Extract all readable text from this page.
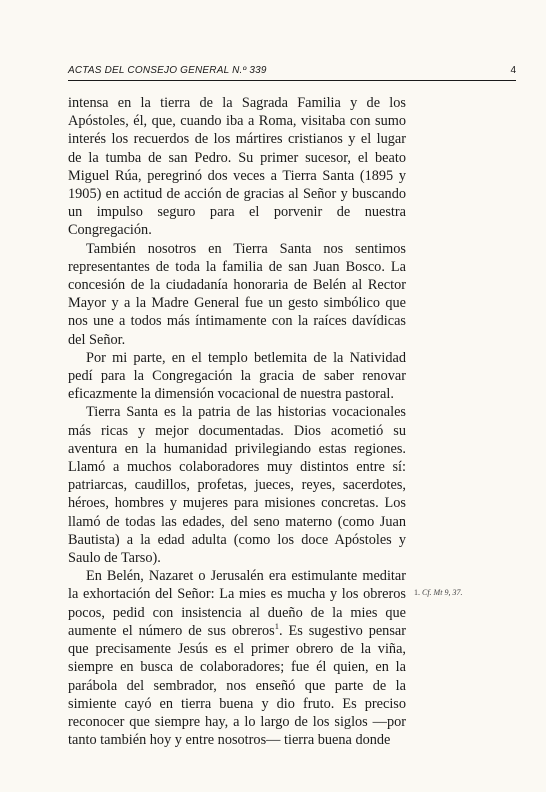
ACTAS DEL CONSEJO GENERAL N.º 339	4

intensa en la tierra de la Sagrada Familia y de los Apóstoles, él, que, cuando iba a Roma, visitaba con sumo interés los recuerdos de los mártires cristianos y el lugar de la tumba de san Pedro. Su primer sucesor, el beato Miguel Rúa, peregrinó dos veces a Tierra Santa (1895 y 1905) en actitud de acción de gracias al Señor y buscando un impulso seguro para el porvenir de nuestra Congregación.

También nosotros en Tierra Santa nos sentimos representantes de toda la familia de san Juan Bosco. La concesión de la ciudadanía honoraria de Belén al Rector Mayor y a la Madre General fue un gesto simbólico que nos une a todos más íntimamente con la raíces davídicas del Señor.

Por mi parte, en el templo betlemita de la Natividad pedí para la Congregación la gracia de saber renovar eficazmente la dimensión vocacional de nuestra pastoral.

Tierra Santa es la patria de las historias vocacionales más ricas y mejor documentadas. Dios acometió su aventura en la humanidad privilegiando estas regiones. Llamó a muchos colaboradores muy distintos entre sí: patriarcas, caudillos, profetas, jueces, reyes, sacerdotes, héroes, hombres y mujeres para misiones concretas. Los llamó de todas las edades, del seno materno (como Juan Bautista) a la edad adulta (como los doce Apóstoles y Saulo de Tarso).

En Belén, Nazaret o Jerusalén era estimulante meditar la exhortación del Señor: La mies es mucha y los obreros pocos, pedid con insistencia al dueño de la mies que aumente el número de sus obreros$^1$. Es sugestivo pensar que precisamente Jesús es el primer obrero de la viña, siempre en busca de colaboradores; fue él quien, en la parábola del sembrador, nos enseñó que parte de la simiente cayó en tierra buena y dio fruto. Es preciso reconocer que siempre hay, a lo largo de los siglos —por tanto también hoy y entre nosotros— tierra buena donde

1. Cf. Mt 9, 37.
